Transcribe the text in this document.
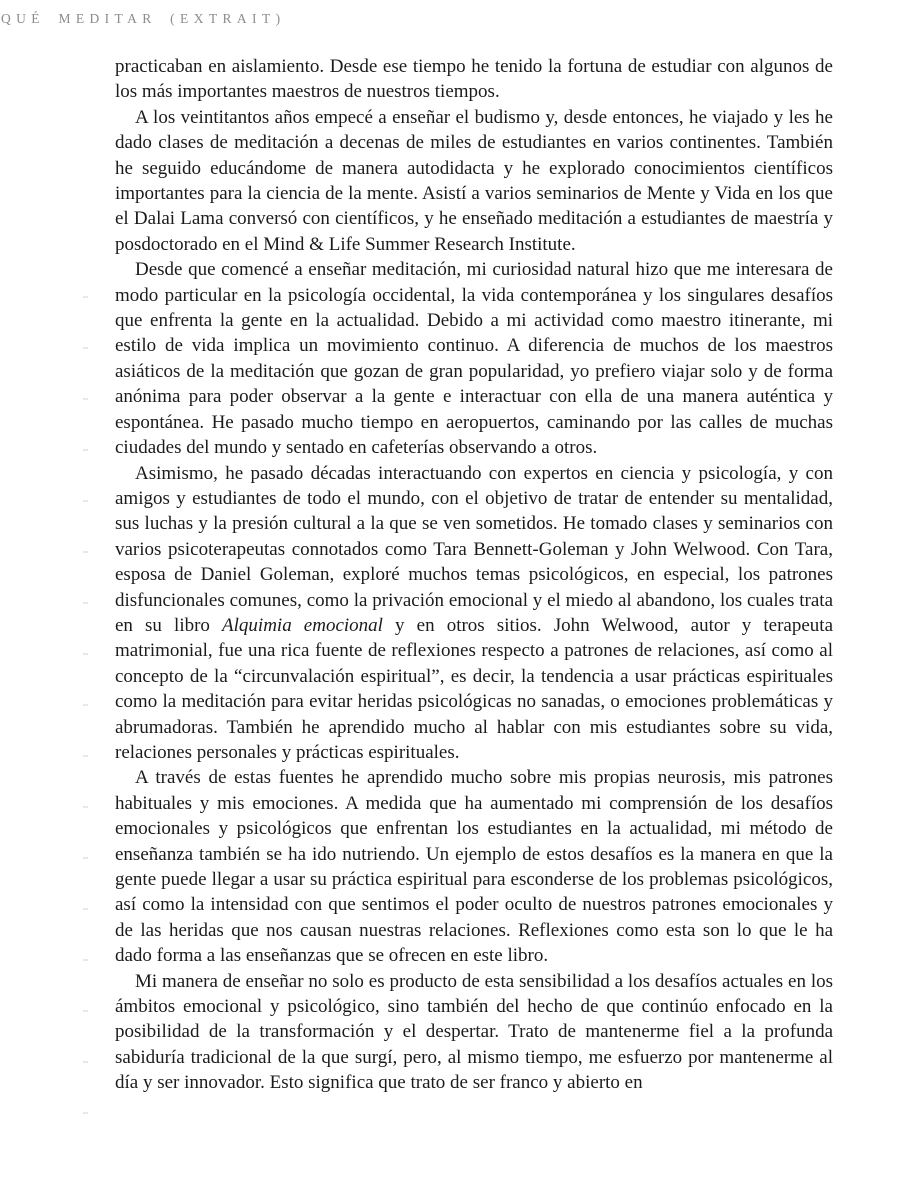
QUÉ MEDITAR (EXTRAIT)

practicaban en aislamiento. Desde ese tiempo he tenido la fortuna de estudiar con algunos de los más importantes maestros de nuestros tiempos.

A los veintitantos años empecé a enseñar el budismo y, desde entonces, he viajado y les he dado clases de meditación a decenas de miles de estudiantes en varios continentes. También he seguido educándome de manera autodidacta y he explorado conocimientos científicos importantes para la ciencia de la mente. Asistí a varios seminarios de Mente y Vida en los que el Dalai Lama conversó con científicos, y he enseñado meditación a estudiantes de maestría y posdoctorado en el Mind & Life Summer Research Institute.

Desde que comencé a enseñar meditación, mi curiosidad natural hizo que me interesara de modo particular en la psicología occidental, la vida contemporánea y los singulares desafíos que enfrenta la gente en la actualidad. Debido a mi actividad como maestro itinerante, mi estilo de vida implica un movimiento continuo. A diferencia de muchos de los maestros asiáticos de la meditación que gozan de gran popularidad, yo prefiero viajar solo y de forma anónima para poder observar a la gente e interactuar con ella de una manera auténtica y espontánea. He pasado mucho tiempo en aeropuertos, caminando por las calles de muchas ciudades del mundo y sentado en cafeterías observando a otros.

Asimismo, he pasado décadas interactuando con expertos en ciencia y psicología, y con amigos y estudiantes de todo el mundo, con el objetivo de tratar de entender su mentalidad, sus luchas y la presión cultural a la que se ven sometidos. He tomado clases y seminarios con varios psicoterapeutas connotados como Tara Bennett-Goleman y John Welwood. Con Tara, esposa de Daniel Goleman, exploré muchos temas psicológicos, en especial, los patrones disfuncionales comunes, como la privación emocional y el miedo al abandono, los cuales trata en su libro Alquimia emocional y en otros sitios. John Welwood, autor y terapeuta matrimonial, fue una rica fuente de reflexiones respecto a patrones de relaciones, así como al concepto de la “circunvalación espiritual”, es decir, la tendencia a usar prácticas espirituales como la meditación para evitar heridas psicológicas no sanadas, o emociones problemáticas y abrumadoras. También he aprendido mucho al hablar con mis estudiantes sobre su vida, relaciones personales y prácticas espirituales.

A través de estas fuentes he aprendido mucho sobre mis propias neurosis, mis patrones habituales y mis emociones. A medida que ha aumentado mi comprensión de los desafíos emocionales y psicológicos que enfrentan los estudiantes en la actualidad, mi método de enseñanza también se ha ido nutriendo. Un ejemplo de estos desafíos es la manera en que la gente puede llegar a usar su práctica espiritual para esconderse de los problemas psicológicos, así como la intensidad con que sentimos el poder oculto de nuestros patrones emocionales y de las heridas que nos causan nuestras relaciones. Reflexiones como esta son lo que le ha dado forma a las enseñanzas que se ofrecen en este libro.

Mi manera de enseñar no solo es producto de esta sensibilidad a los desafíos actuales en los ámbitos emocional y psicológico, sino también del hecho de que continúo enfocado en la posibilidad de la transformación y el despertar. Trato de mantenerme fiel a la profunda sabiduría tradicional de la que surgí, pero, al mismo tiempo, me esfuerzo por mantenerme al día y ser innovador. Esto significa que trato de ser franco y abierto en
